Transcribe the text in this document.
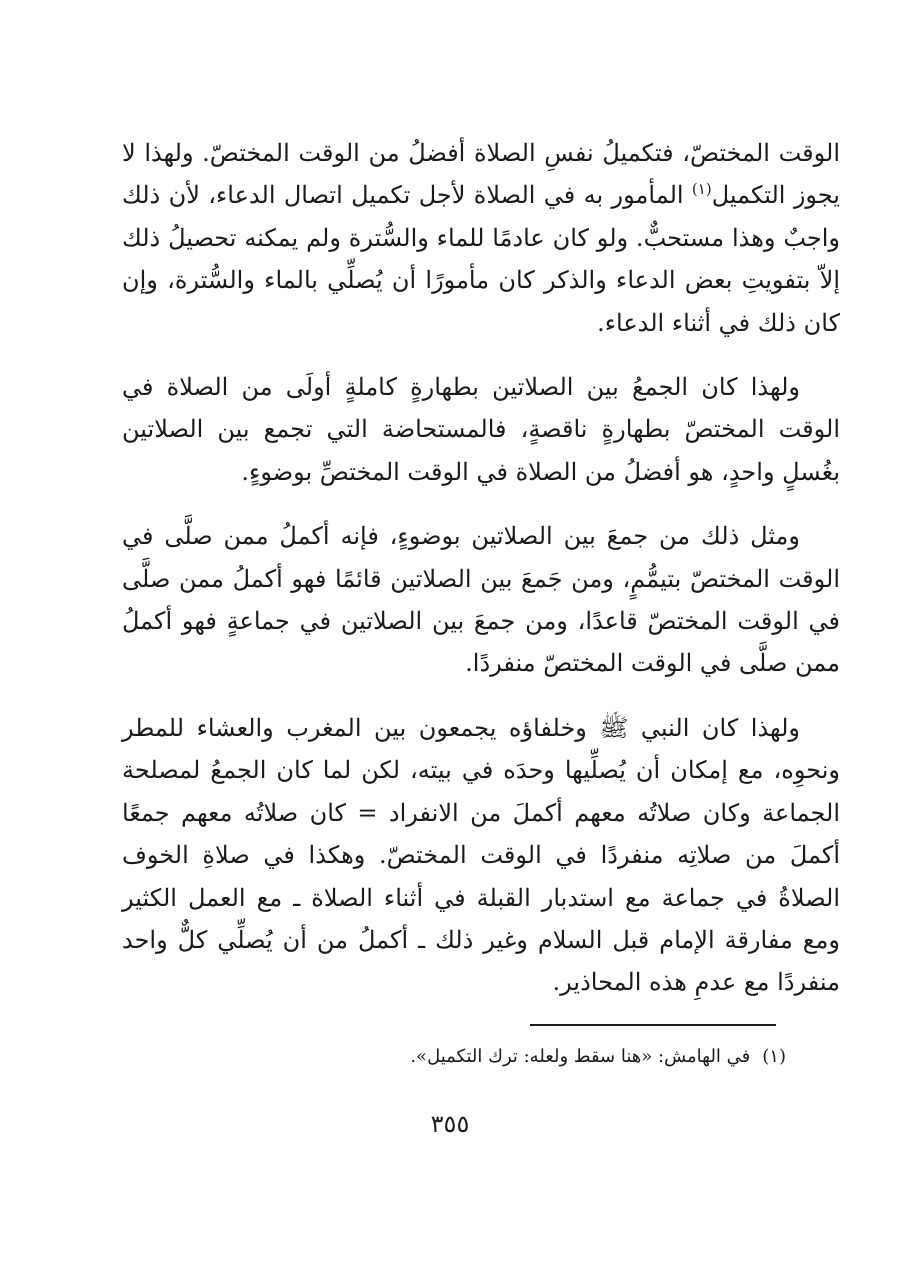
الوقت المختصّ، فتكميلُ نفسِ الصلاة أفضلُ من الوقت المختصّ. ولهذا لا يجوز التكميل$^{(١)}$ المأمور به في الصلاة لأجل تكميل اتصال الدعاء، لأن ذلك واجبٌ وهذا مستحبٌّ. ولو كان عادمًا للماء والسُّترة ولم يمكنه تحصيلُ ذلك إلاّ بتفويتِ بعض الدعاء والذكر كان مأمورًا أن يُصلِّي بالماء والسُّترة، وإن كان ذلك في أثناء الدعاء.

ولهذا كان الجمعُ بين الصلاتين بطهارةٍ كاملةٍ أولَى من الصلاة في الوقت المختصّ بطهارةٍ ناقصةٍ، فالمستحاضة التي تجمع بين الصلاتين بغُسلٍ واحدٍ، هو أفضلُ من الصلاة في الوقت المختصِّ بوضوءٍ.

ومثل ذلك من جمعَ بين الصلاتين بوضوءٍ، فإنه أكملُ ممن صلَّى في الوقت المختصّ بتيمُّمٍ، ومن جَمعَ بين الصلاتين قائمًا فهو أكملُ ممن صلَّى في الوقت المختصّ قاعدًا، ومن جمعَ بين الصلاتين في جماعةٍ فهو أكملُ ممن صلَّى في الوقت المختصّ منفردًا.

ولهذا كان النبي ﷺ وخلفاؤه يجمعون بين المغرب والعشاء للمطر ونحوِه، مع إمكان أن يُصلِّيها وحدَه في بيته، لكن لما كان الجمعُ لمصلحة الجماعة وكان صلاتُه معهم أكملَ من الانفراد = كان صلاتُه معهم جمعًا أكملَ من صلاتِه منفردًا في الوقت المختصّ. وهكذا في صلاةِ الخوف الصلاةُ في جماعة مع استدبار القبلة في أثناء الصلاة ـ مع العمل الكثير ومع مفارقة الإمام قبل السلام وغير ذلك ـ أكملُ من أن يُصلِّي كلٌّ واحد منفردًا مع عدمِ هذه المحاذير.

(١)في الهامش: «هنا سقط ولعله: ترك التكميل».
٣٥٥
